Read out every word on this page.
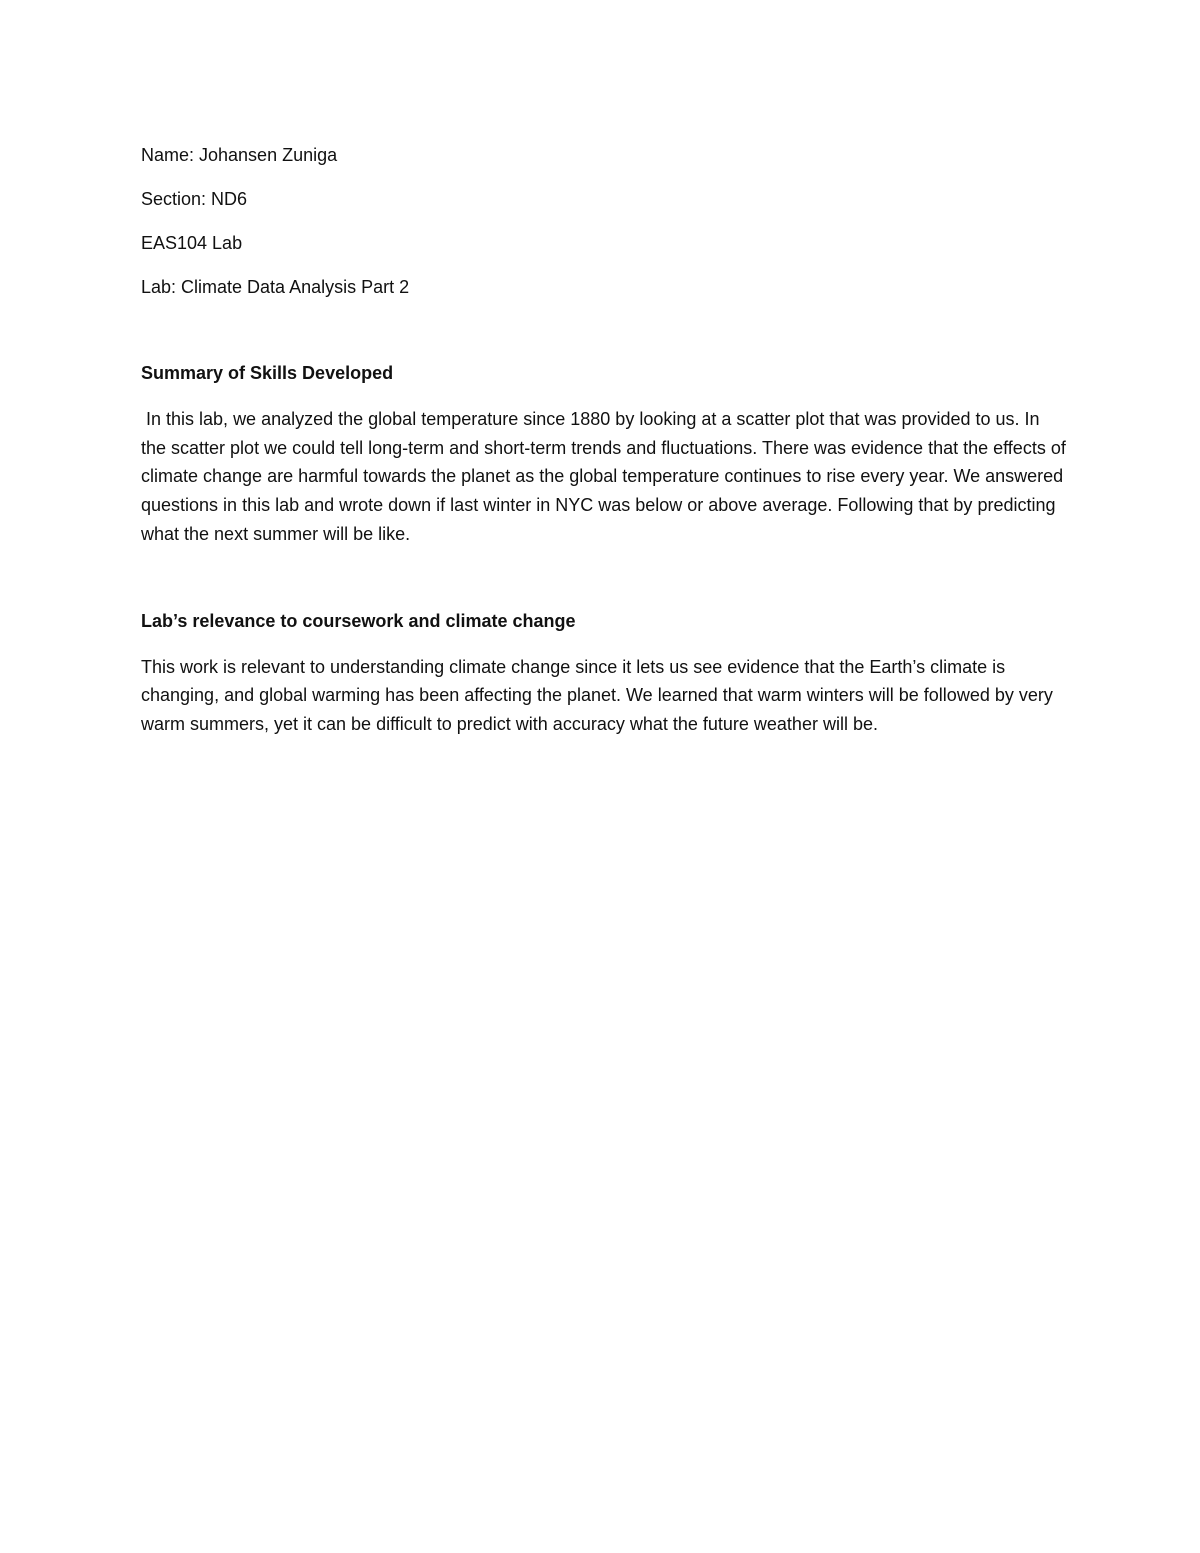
Name: Johansen Zuniga

Section: ND6

EAS104 Lab

Lab: Climate Data Analysis Part 2

Summary of Skills Developed

In this lab, we analyzed the global temperature since 1880 by looking at a scatter plot that was provided to us. In the scatter plot we could tell long-term and short-term trends and fluctuations. There was evidence that the effects of climate change are harmful towards the planet as the global temperature continues to rise every year. We answered questions in this lab and wrote down if last winter in NYC was below or above average. Following that by predicting what the next summer will be like.

Lab’s relevance to coursework and climate change

This work is relevant to understanding climate change since it lets us see evidence that the Earth’s climate is changing, and global warming has been affecting the planet. We learned that warm winters will be followed by very warm summers, yet it can be difficult to predict with accuracy what the future weather will be.
